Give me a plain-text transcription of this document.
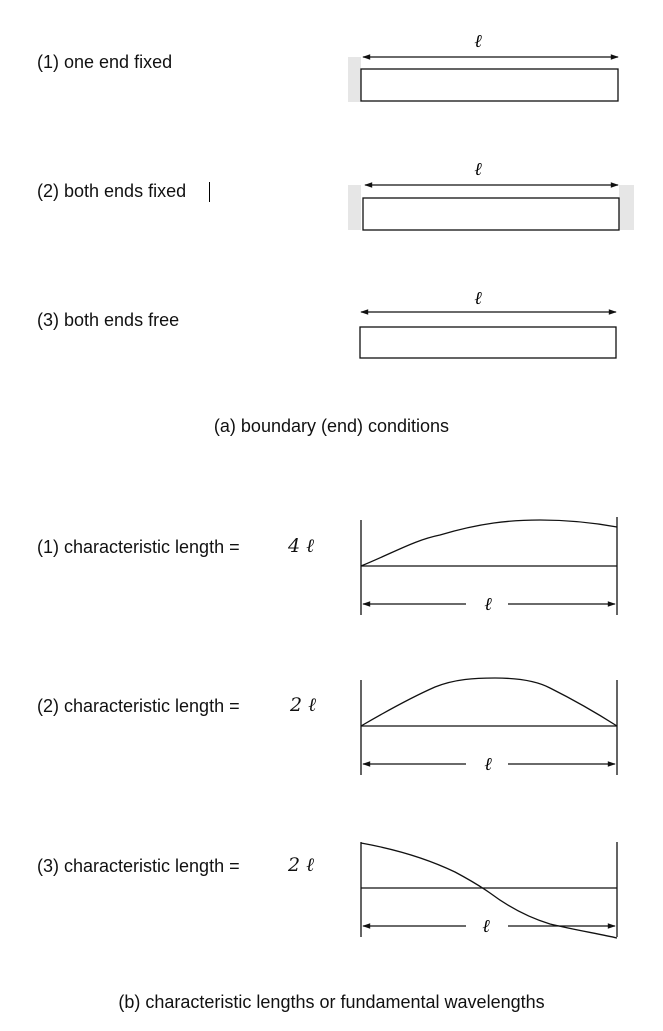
(1) one end fixed
(2) both ends fixed
(3) both ends free
(a) boundary (end) conditions
(1) characteristic length =	4 ℓ
(2) characteristic length =	2 ℓ
(3) characteristic length =	2 ℓ
(b) characteristic lengths or fundamental wavelengths
ℓ
ℓ
ℓ
ℓ
ℓ
ℓ
